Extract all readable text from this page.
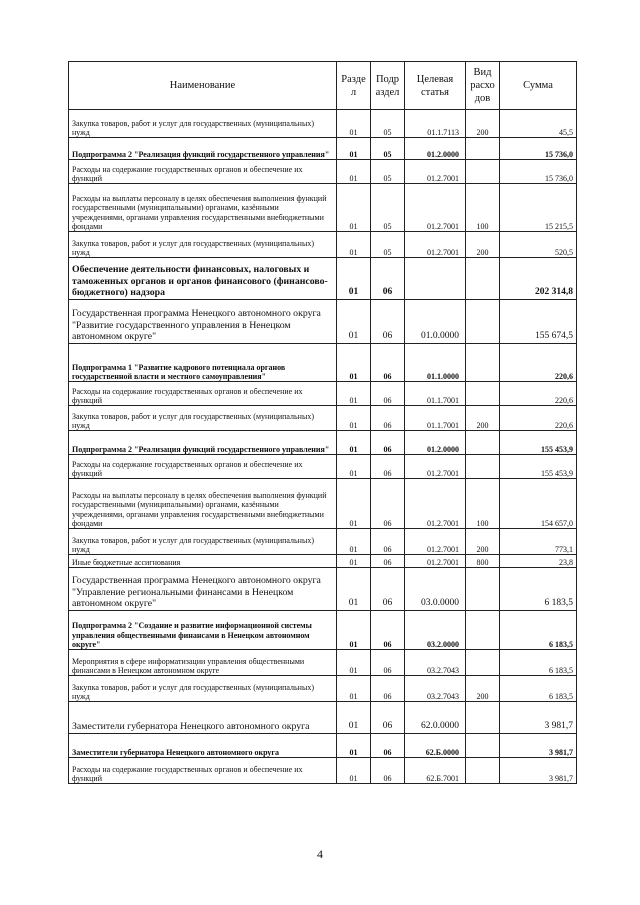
Наименование	Разде л	Подр аздел	Целевая статья	Вид расхо дов	Сумма
Закупка товаров, работ и услуг для государственных (муниципальных) нужд	01	05	01.1.7113	200	45,5
Подпрограмма 2 "Реализация функций государственного управления"	01	05	01.2.0000		15 736,0
Расходы на содержание государственных органов и обеспечение их функций	01	05	01.2.7001		15 736,0
Расходы на выплаты персоналу в целях обеспечения выполнения функций государственными (муниципальными) органами, казёнными учреждениями, органами управления государственными внебюджетными фондами	01	05	01.2.7001	100	15 215,5
Закупка товаров, работ и услуг для государственных (муниципальных) нужд	01	05	01.2.7001	200	520,5
Обеспечение деятельности финансовых, налоговых и таможенных органов и органов финансового (финансово-бюджетного) надзора	01	06			202 314,8
Государственная программа Ненецкого автономного округа "Развитие государственного управления в Ненецком автономном округе"	01	06	01.0.0000		155 674,5
Подпрограмма 1 "Развитие кадрового потенциала органов государственной власти и местного самоуправления"	01	06	01.1.0000		220,6
Расходы на содержание государственных органов и обеспечение их функций	01	06	01.1.7001		220,6
Закупка товаров, работ и услуг для государственных (муниципальных) нужд	01	06	01.1.7001	200	220,6
Подпрограмма 2 "Реализация функций государственного управления"	01	06	01.2.0000		155 453,9
Расходы на содержание государственных органов и обеспечение их функций	01	06	01.2.7001		155 453,9
Расходы на выплаты персоналу в целях обеспечения выполнения функций государственными (муниципальными) органами, казёнными учреждениями, органами управления государственными внебюджетными фондами	01	06	01.2.7001	100	154 657,0
Закупка товаров, работ и услуг для государственных (муниципальных) нужд	01	06	01.2.7001	200	773,1
Иные бюджетные ассигнования	01	06	01.2.7001	800	23,8
Государственная программа Ненецкого автономного округа "Управление региональными финансами в Ненецком автономном округе"	01	06	03.0.0000		6 183,5
Подпрограмма 2 "Создание и развитие информационной системы управления общественными финансами в Ненецком автономном округе"	01	06	03.2.0000		6 183,5
Мероприятия в сфере информатизации управления общественными финансами в Ненецком автономном округе	01	06	03.2.7043		6 183,5
Закупка товаров, работ и услуг для государственных (муниципальных) нужд	01	06	03.2.7043	200	6 183,5
Заместители губернатора Ненецкого автономного округа	01	06	62.0.0000		3 981,7
Заместители губернатора Ненецкого автономного округа	01	06	62.Б.0000		3 981,7
Расходы на содержание государственных органов и обеспечение их функций	01	06	62.Б.7001		3 981,7
4
